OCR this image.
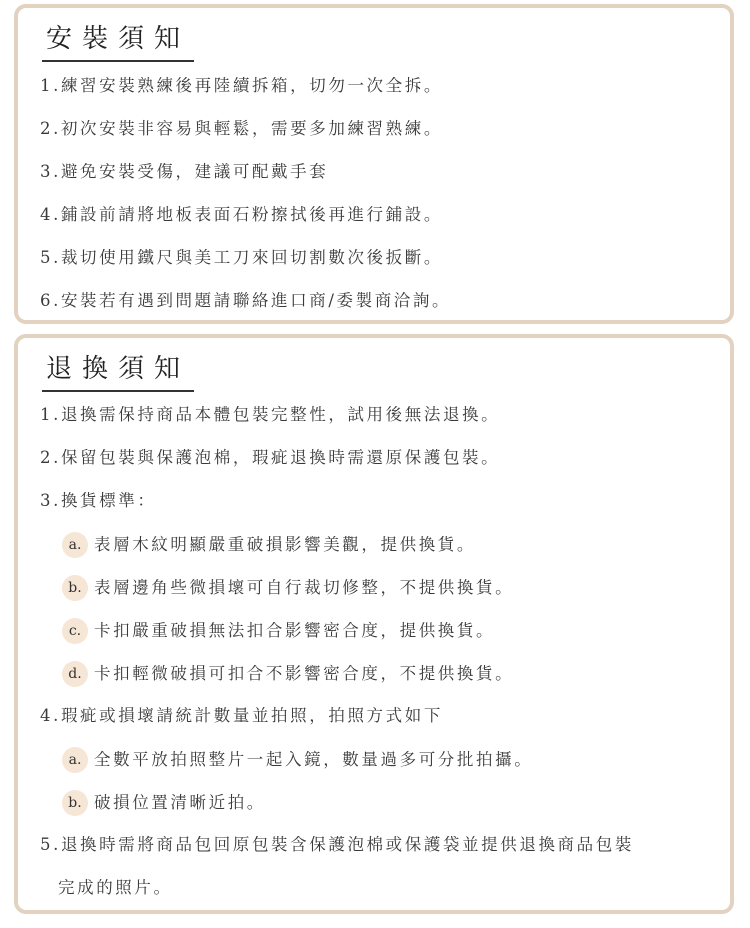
安裝須知
1.練習安裝熟練後再陸續拆箱，切勿一次全拆。
2.初次安裝非容易與輕鬆，需要多加練習熟練。
3.避免安裝受傷，建議可配戴手套
4.鋪設前請將地板表面石粉擦拭後再進行鋪設。
5.裁切使用鐵尺與美工刀來回切割數次後扳斷。
6.安裝若有遇到問題請聯絡進口商/委製商洽詢。
退換須知
1.退換需保持商品本體包裝完整性，試用後無法退換。
2.保留包裝與保護泡棉，瑕疵退換時需還原保護包裝。
3.換貨標準：
a. 表層木紋明顯嚴重破損影響美觀，提供換貨。
b. 表層邊角些微損壞可自行裁切修整，不提供換貨。
c. 卡扣嚴重破損無法扣合影響密合度，提供換貨。
d. 卡扣輕微破損可扣合不影響密合度，不提供換貨。
4.瑕疵或損壞請統計數量並拍照，拍照方式如下
a. 全數平放拍照整片一起入鏡，數量過多可分批拍攝。
b. 破損位置清晰近拍。
5.退換時需將商品包回原包裝含保護泡棉或保護袋並提供退換商品包裝
完成的照片。
